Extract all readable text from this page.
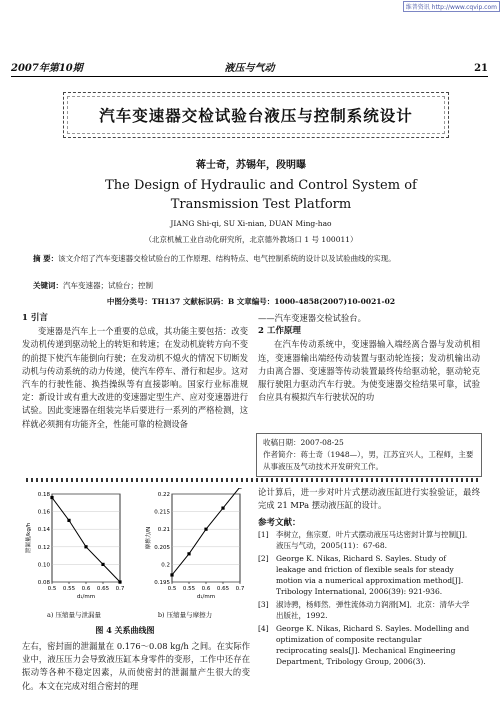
维普资讯 http://www.cqvip.com
2007年第10期	液压与气动	21
汽车变速器交检试验台液压与控制系统设计
蒋士奇，苏锡年，段明曝
The Design of Hydraulic and Control System of Transmission Test Platform
JIANG Shi-qi, SU Xi-nian, DUAN Ming-hao
（北京机械工业自动化研究所，北京德外教场口 1 号 100011）
摘 要：该文介绍了汽车变速器交检试验台的工作原理、结构特点、电气控制系统的设计以及试验曲线的实现。
关键词：汽车变速器；试验台；控制
中图分类号：TH137 文献标识码：B 文章编号：1000-4858(2007)10-0021-02

1 引言

变速器是汽车上一个重要的总成，其功能主要包括：改变发动机传递到驱动轮上的转矩和转速；在发动机旋转方向不变的前提下使汽车能倒向行驶；在发动机不熄火的情况下切断发动机与传动系统的动力传递，使汽车停车、滑行和起步。这对汽车的行驶性能、换挡操纵等有直接影响。国家行业标准规定：新设计或有重大改进的变速器定型生产、应对变速器进行试验。因此变速器在组装完毕后要进行一系列的严格检测，这样就必须拥有功能齐全，性能可靠的检测设备

——汽车变速器交检试验台。

2 工作原理

在汽车传动系统中，变速器输入端经离合器与发动机相连，变速器输出端经传动装置与驱动轮连接；发动机输出动力由离合器、变速器等传动装置最终传给驱动轮，驱动轮克服行驶阻力驱动汽车行驶。为使变速器交检结果可靠，试验台应具有模拟汽车行驶状况的功

收稿日期：2007-08-25
作者简介：蒋士奇（1948—），男，江苏宜兴人，工程师，主要从事液压及气动技术开发研究工作。
0.08
0.10
0.12
0.14
0.16
0.18
0.5 0.55 0.6 0.65 0.7
d₁/mm
泄漏量/kg/h
0.195
0.2
0.205
0.21
0.215
0.22
0.5 0.55 0.6 0.65 0.7
d₁/mm
摩擦力/N
a) 压缩量与泄漏量	b) 压缩量与摩擦力
图 4 关系曲线图
左右，密封面的泄漏量在 0.176～0.08 kg/h 之间。在实际作业中，液压压力会导致液压缸本身零件的变形，工作中还存在振动等各种不稳定因素，从而使密封的泄漏量产生很大的变化。本文在完成对组合密封的理
论计算后，进一步对叶片式摆动液压缸进行实验验证，最终完成 21 MPa 摆动液压缸的设计。
参考文献：
[1] 李树立，焦宗夏．叶片式摆动液压马达密封计算与控制[J]．液压与气动，2005(11)：67-68.
[2] George K. Nikas, Richard S. Sayles. Study of leakage and friction of flexible seals for steady motion via a numerical approximation method[J]. Tribology International, 2006(39): 921-936.
[3] 淑诗骋，杨师然．弹性流体动力润滑[M]．北京：清华大学出版社，1992.
[4] George K. Nikas, Richard S. Sayles. Modelling and optimization of composite rectangular reciprocating seals[J]. Mechanical Engineering Department, Tribology Group, 2006(3).
